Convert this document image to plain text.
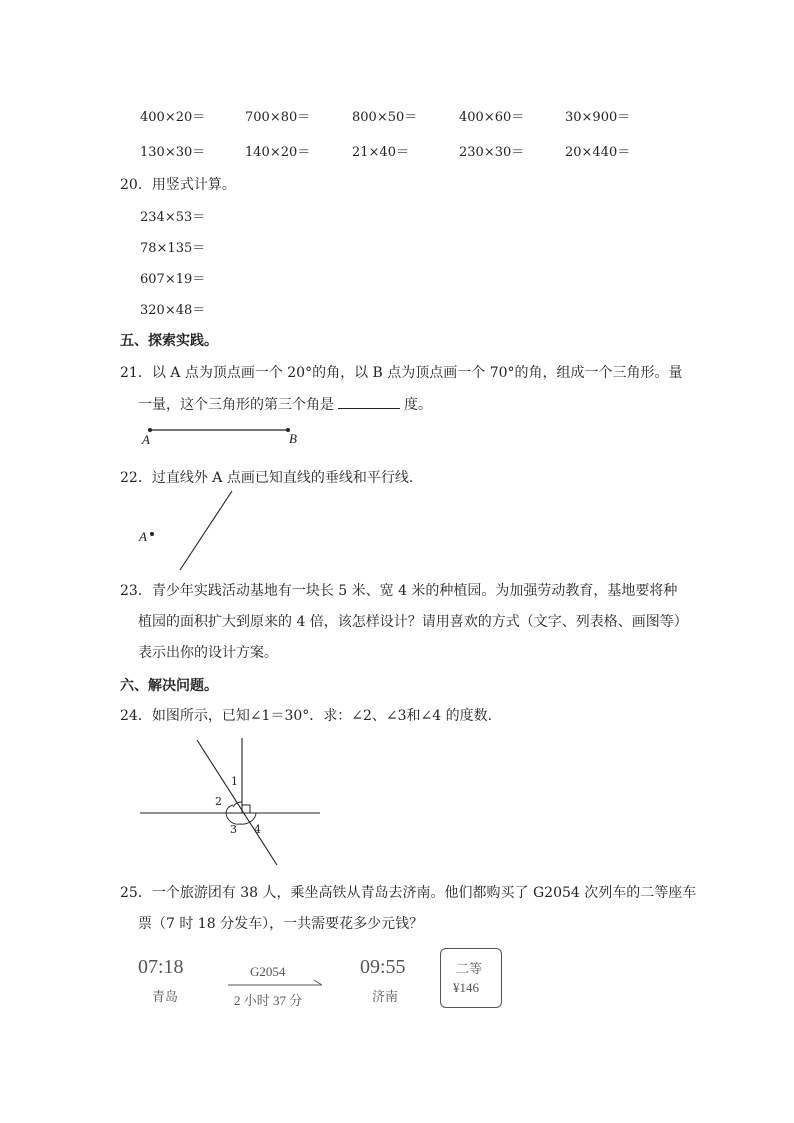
400×20＝	700×80＝	800×50＝	400×60＝	30×900＝
130×30＝	140×20＝	21×40＝	230×30＝	20×440＝
20．用竖式计算。
234×53＝
78×135＝
607×19＝
320×48＝
五、探索实践。
21．以 A 点为顶点画一个 20°的角，以 B 点为顶点画一个 70°的角，组成一个三角形。量
一量，这个三角形的第三个角是	度。
A	B
22．过直线外 A 点画已知直线的垂线和平行线.
A
23．青少年实践活动基地有一块长 5 米、宽 4 米的种植园。为加强劳动教育，基地要将种
植园的面积扩大到原来的 4 倍，该怎样设计？请用喜欢的方式（文字、列表格、画图等）
表示出你的设计方案。
六、解决问题。
24．如图所示，已知∠1＝30°．求：∠2、∠3和∠4 的度数.
1
2
3 4
25．一个旅游团有 38 人，乘坐高铁从青岛去济南。他们都购买了 G2054 次列车的二等座车
票（7 时 18 分发车），一共需要花多少元钱？
07:18
青岛
G2054
2 小时 37 分
09:55
济南
二等
¥146
